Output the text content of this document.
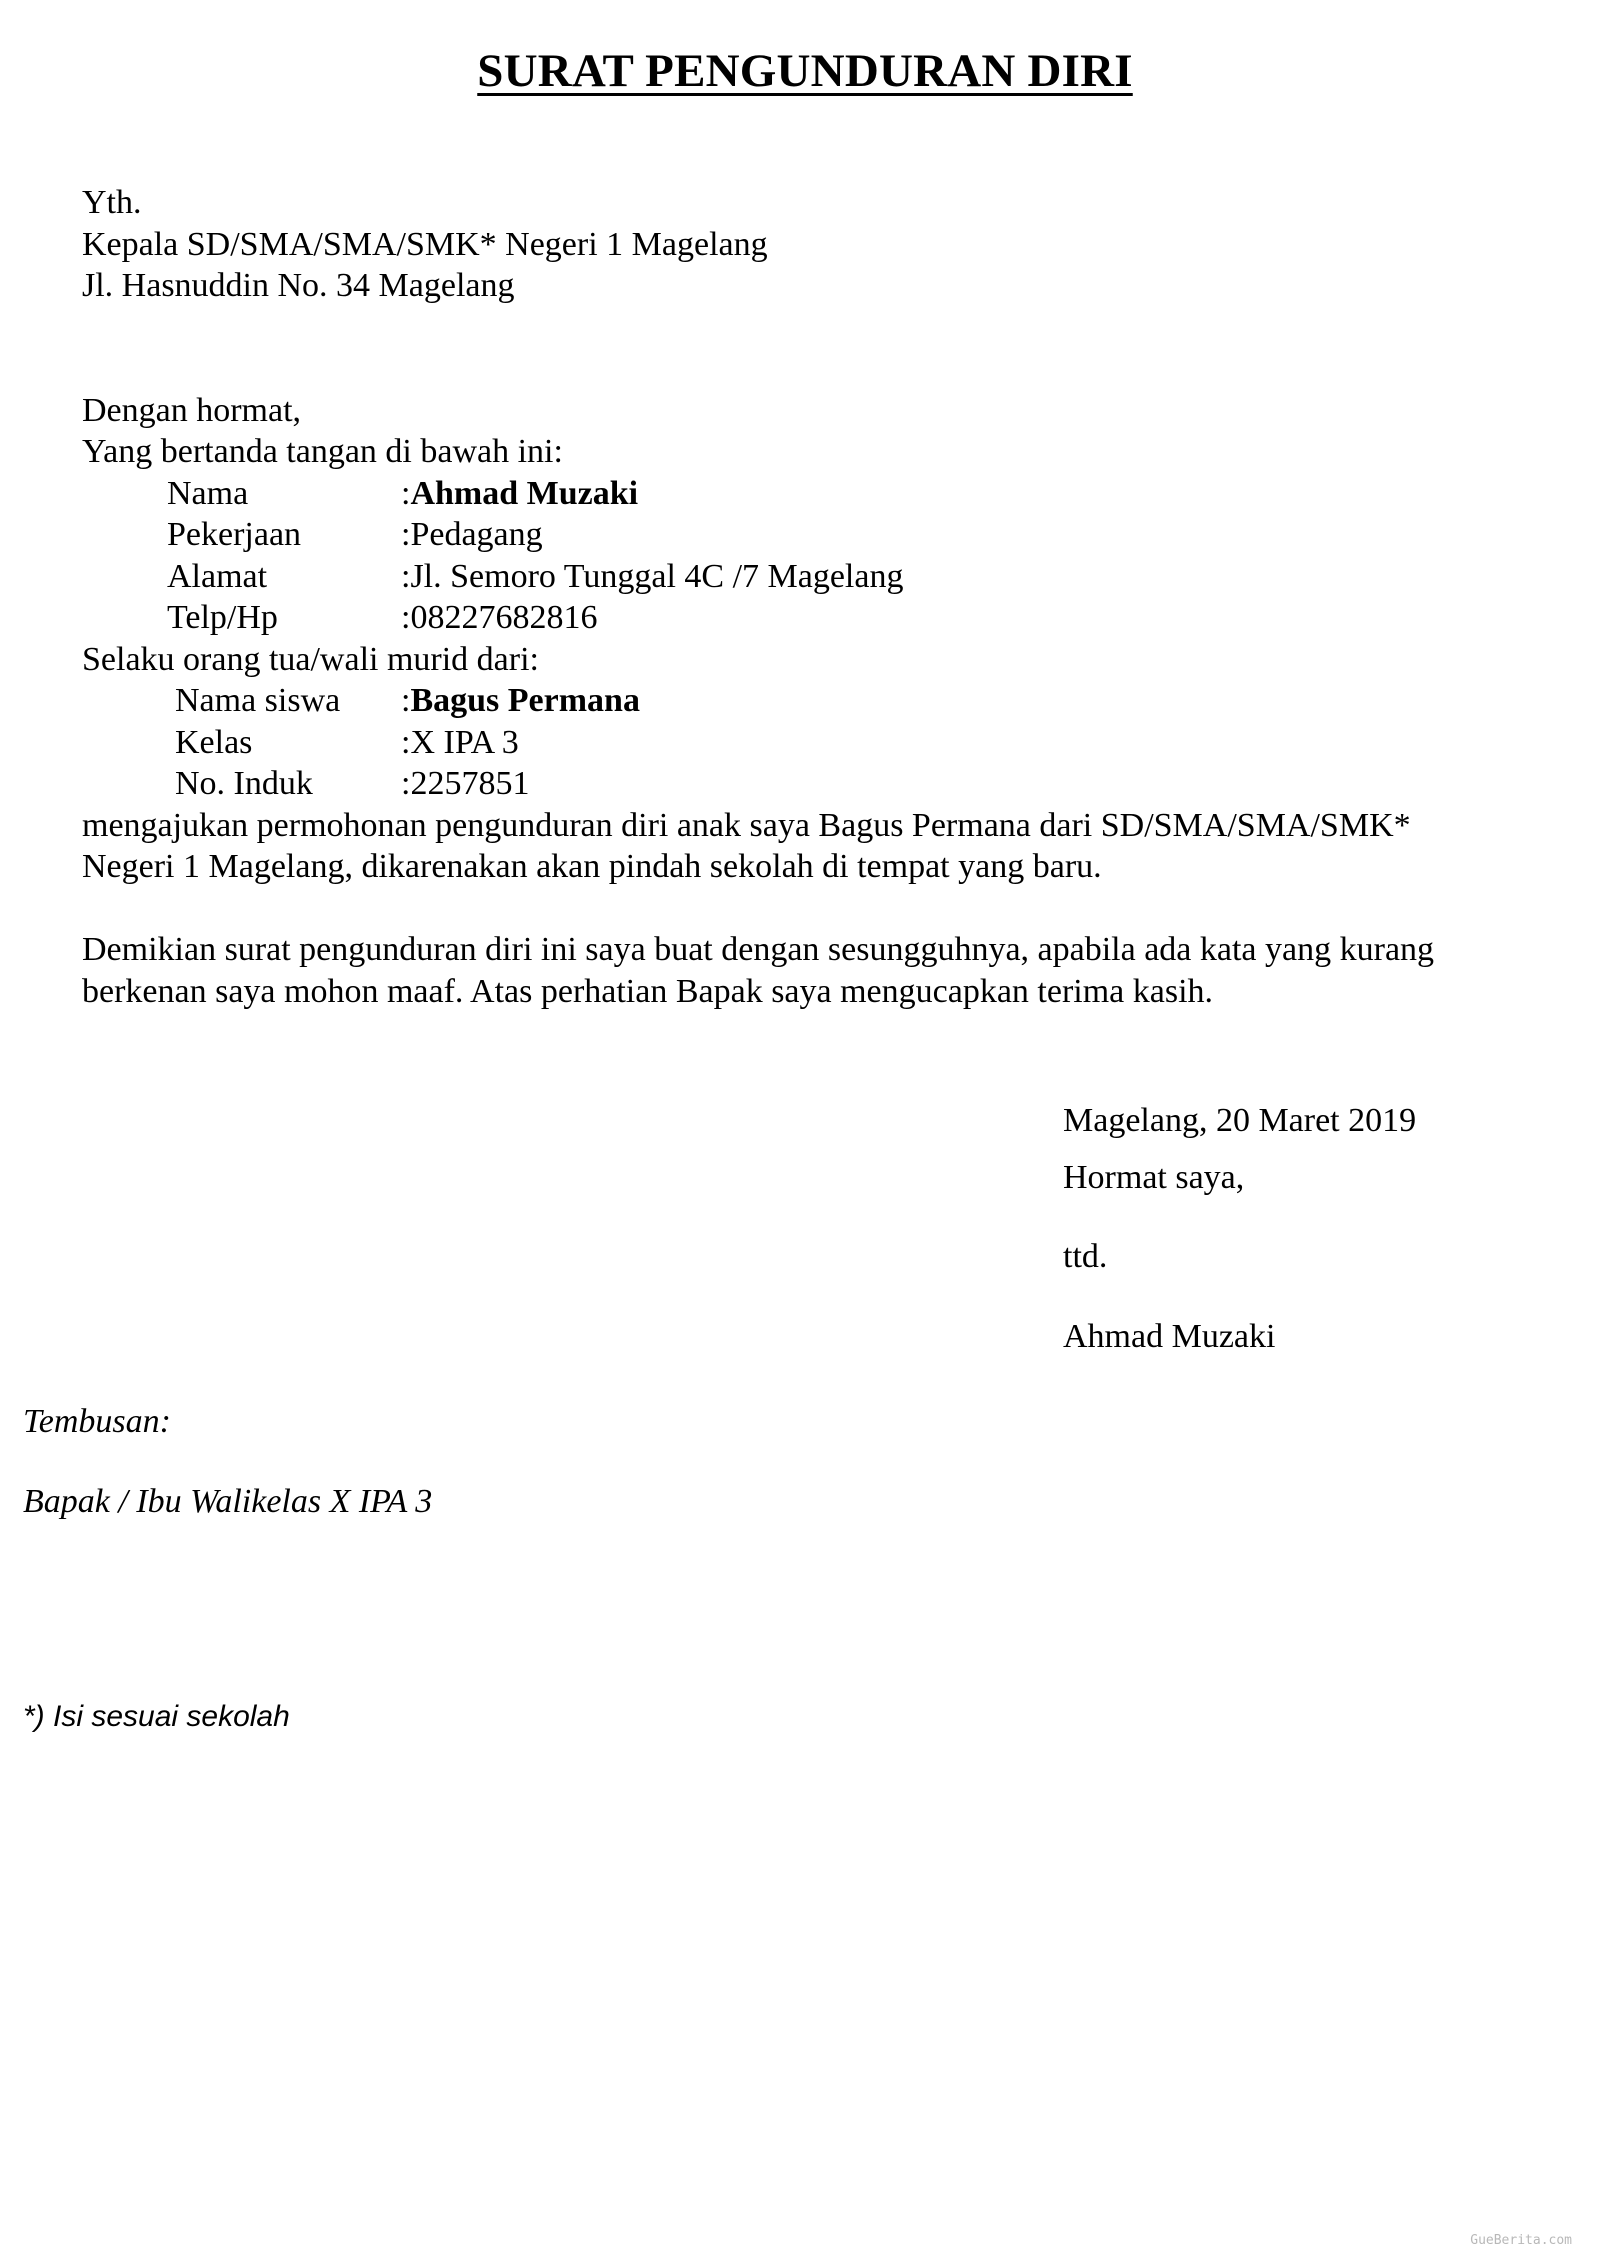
SURAT PENGUNDURAN DIRI
Yth.
Kepala SD/SMA/SMA/SMK* Negeri 1 Magelang
Jl. Hasnuddin No. 34 Magelang
Dengan hormat,
Yang bertanda tangan di bawah ini:
Nama	: Ahmad Muzaki
Pekerjaan	: Pedagang
Alamat	: Jl. Semoro Tunggal 4C /7 Magelang
Telp/Hp	: 08227682816
Selaku orang tua/wali murid dari:
Nama siswa	: Bagus Permana
Kelas	: X IPA 3
No. Induk	: 2257851
mengajukan permohonan pengunduran diri anak saya Bagus Permana dari SD/SMA/SMA/SMK*
Negeri 1 Magelang, dikarenakan akan pindah sekolah di tempat yang baru.
Demikian surat pengunduran diri ini saya buat dengan sesungguhnya, apabila ada kata yang kurang
berkenan saya mohon maaf. Atas perhatian Bapak saya mengucapkan terima kasih.
Magelang, 20 Maret 2019
Hormat saya,
ttd.
Ahmad Muzaki
Tembusan:
Bapak / Ibu Walikelas X IPA 3
*) Isi sesuai sekolah
GueBerita.com
